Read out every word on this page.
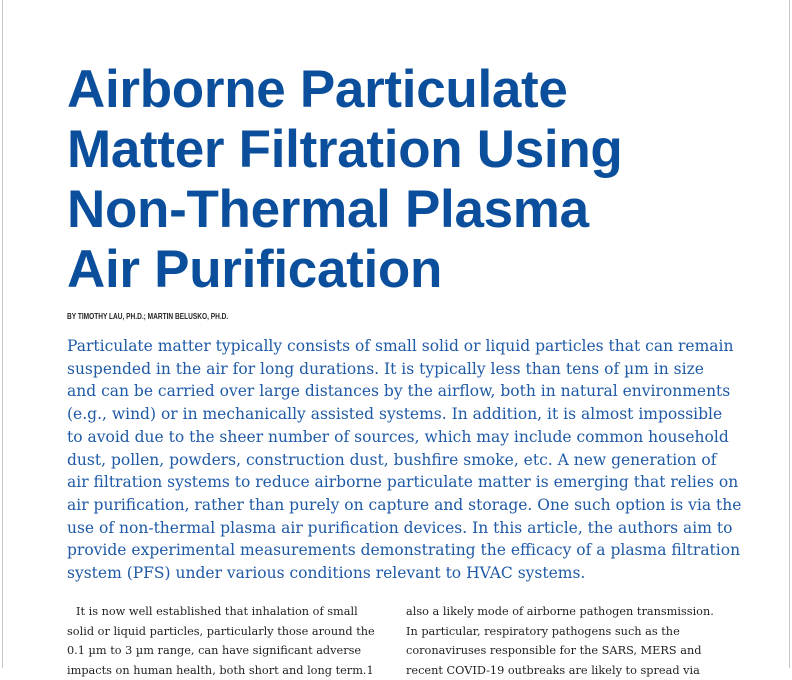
Airborne Particulate
Matter Filtration Using
Non-Thermal Plasma
Air Purification

BY TIMOTHY LAU, PH.D.; MARTIN BELUSKO, PH.D.

Particulate matter typically consists of small solid or liquid particles that can remain
suspended in the air for long durations. It is typically less than tens of µm in size
and can be carried over large distances by the airflow, both in natural environments
(e.g., wind) or in mechanically assisted systems. In addition, it is almost impossible
to avoid due to the sheer number of sources, which may include common household
dust, pollen, powders, construction dust, bushfire smoke, etc. A new generation of
air filtration systems to reduce airborne particulate matter is emerging that relies on
air purification, rather than purely on capture and storage. One such option is via the
use of non-thermal plasma air purification devices. In this article, the authors aim to
provide experimental measurements demonstrating the efficacy of a plasma filtration
system (PFS) under various conditions relevant to HVAC systems.

It is now well established that inhalation of small
solid or liquid particles, particularly those around the
0.1 µm to 3 µm range, can have significant adverse
impacts on human health, both short and long term.1
also a likely mode of airborne pathogen transmission.
In particular, respiratory pathogens such as the
coronaviruses responsible for the SARS, MERS and
recent COVID-19 outbreaks are likely to spread via
